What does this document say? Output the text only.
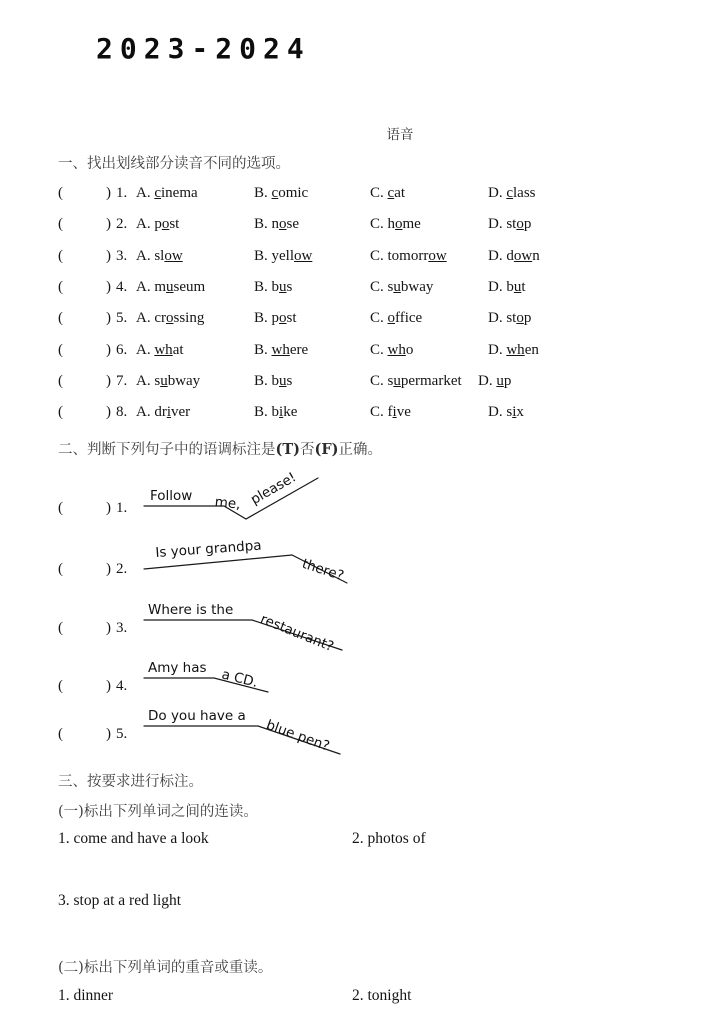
2023-2024
语音
一、找出划线部分读音不同的选项。
(	) 1. A. cinema	B. comic	C. cat	D. class
(	) 2. A. post	B. nose	C. home	D. stop
(	) 3. A. slow	B. yellow	C. tomorrow	D. down
(	) 4. A. museum	B. bus	C. subway	D. but
(	) 5. A. crossing	B. post	C. office	D. stop
(	) 6. A. what	B. where	C. who	D. when
(	) 7. A. subway	B. bus	C. supermarket D. up
(	) 8. A. driver	B. bike	C. five	D. six
二、判断下列句子中的语调标注是(T)否(F)正确。
(	) 1.
Follow me, please!
(	) 2.
Is your grandpa
there?
(	) 3.
Where is the
restaurant?
(	) 4.
Amy has a CD.
(	) 5.
Do you have a
blue pen?
三、按要求进行标注。
(一)标出下列单词之间的连读。
1. come and have a look	2. photos of
3. stop at a red light
(二)标出下列单词的重音或重读。
1. dinner	2. tonight
